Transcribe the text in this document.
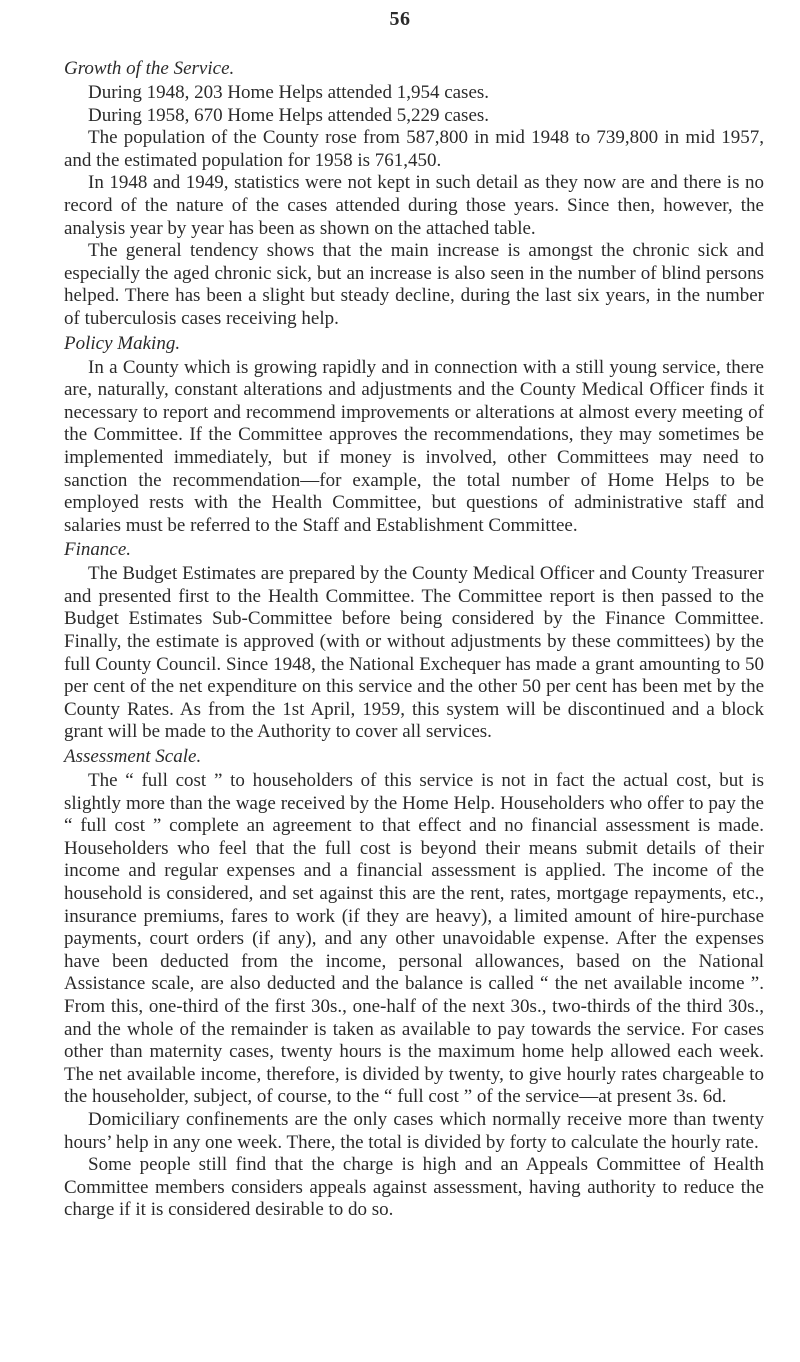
56
Growth of the Service.

During 1948, 203 Home Helps attended 1,954 cases.

During 1958, 670 Home Helps attended 5,229 cases.

The population of the County rose from 587,800 in mid 1948 to 739,800 in mid 1957, and the estimated population for 1958 is 761,450.

In 1948 and 1949, statistics were not kept in such detail as they now are and there is no record of the nature of the cases attended during those years. Since then, however, the analysis year by year has been as shown on the attached table.

The general tendency shows that the main increase is amongst the chronic sick and especially the aged chronic sick, but an increase is also seen in the number of blind persons helped. There has been a slight but steady decline, during the last six years, in the number of tuberculosis cases receiving help.

Policy Making.

In a County which is growing rapidly and in connection with a still young service, there are, naturally, constant alterations and adjustments and the County Medical Officer finds it necessary to report and recommend improvements or alterations at almost every meeting of the Committee. If the Committee approves the recommendations, they may sometimes be implemented immediately, but if money is involved, other Committees may need to sanction the recommendation—for example, the total number of Home Helps to be employed rests with the Health Committee, but questions of administrative staff and salaries must be referred to the Staff and Establishment Committee.

Finance.

The Budget Estimates are prepared by the County Medical Officer and County Treasurer and presented first to the Health Committee. The Committee report is then passed to the Budget Estimates Sub-Committee before being considered by the Finance Committee. Finally, the estimate is approved (with or without adjustments by these committees) by the full County Council. Since 1948, the National Exchequer has made a grant amounting to 50 per cent of the net expenditure on this service and the other 50 per cent has been met by the County Rates. As from the 1st April, 1959, this system will be discontinued and a block grant will be made to the Authority to cover all services.

Assessment Scale.

The “ full cost ” to householders of this service is not in fact the actual cost, but is slightly more than the wage received by the Home Help. Householders who offer to pay the “ full cost ” complete an agreement to that effect and no financial assessment is made. Householders who feel that the full cost is beyond their means submit details of their income and regular expenses and a financial assessment is applied. The income of the household is considered, and set against this are the rent, rates, mortgage repayments, etc., insurance premiums, fares to work (if they are heavy), a limited amount of hire-purchase payments, court orders (if any), and any other unavoidable expense. After the expenses have been deducted from the income, personal allowances, based on the National Assistance scale, are also deducted and the balance is called “ the net available income ”. From this, one-third of the first 30s., one-half of the next 30s., two-thirds of the third 30s., and the whole of the remainder is taken as available to pay towards the service. For cases other than maternity cases, twenty hours is the maximum home help allowed each week. The net available income, therefore, is divided by twenty, to give hourly rates chargeable to the householder, subject, of course, to the “ full cost ” of the service—at present 3s. 6d.

Domiciliary confinements are the only cases which normally receive more than twenty hours’ help in any one week. There, the total is divided by forty to calculate the hourly rate.

Some people still find that the charge is high and an Appeals Committee of Health Committee members considers appeals against assessment, having authority to reduce the charge if it is considered desirable to do so.
